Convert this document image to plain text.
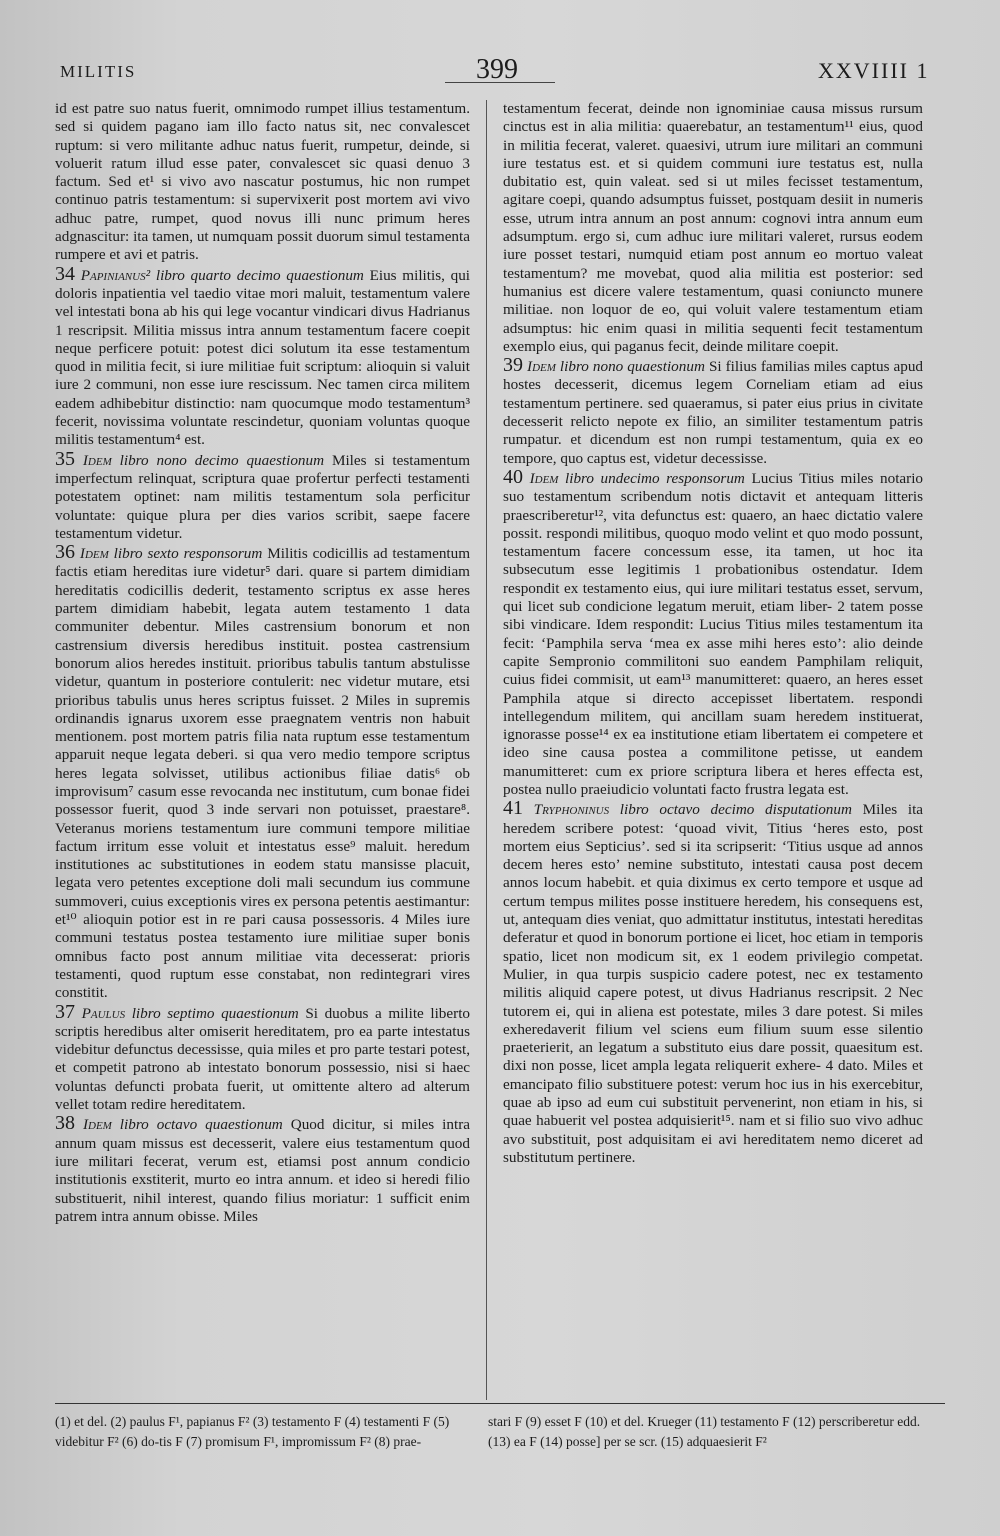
MILITIS	399	XXVIIII 1

id est patre suo natus fuerit, omnimodo rumpet illius testamentum. sed si quidem pagano iam illo facto natus sit, nec convalescet ruptum: si vero militante adhuc natus fuerit, rumpetur, deinde, si voluerit ratum illud esse pater, convalescet sic quasi denuo 3 factum. Sed et¹ si vivo avo nascatur postumus, hic non rumpet continuo patris testamentum: si supervixerit post mortem avi vivo adhuc patre, rumpet, quod novus illi nunc primum heres adgnascitur: ita tamen, ut numquam possit duorum simul testamenta rumpere et avi et patris.

34 Papinianus² libro quarto decimo quaestionum Eius militis, qui doloris inpatientia vel taedio vitae mori maluit, testamentum valere vel intestati bona ab his qui lege vocantur vindicari divus Hadrianus 1 rescripsit. Militia missus intra annum testamentum facere coepit neque perficere potuit: potest dici solutum ita esse testamentum quod in militia fecit, si iure militiae fuit scriptum: alioquin si valuit iure 2 communi, non esse iure rescissum. Nec tamen circa militem eadem adhibebitur distinctio: nam quocumque modo testamentum³ fecerit, novissima voluntate rescindetur, quoniam voluntas quoque militis testamentum⁴ est.

35 Idem libro nono decimo quaestionum Miles si testamentum imperfectum relinquat, scriptura quae profertur perfecti testamenti potestatem optinet: nam militis testamentum sola perficitur voluntate: quique plura per dies varios scribit, saepe facere testamentum videtur.

36 Idem libro sexto responsorum Militis codicillis ad testamentum factis etiam hereditas iure videtur⁵ dari. quare si partem dimidiam hereditatis codicillis dederit, testamento scriptus ex asse heres partem dimidiam habebit, legata autem testamento 1 data communiter debentur. Miles castrensium bonorum et non castrensium diversis heredibus instituit. postea castrensium bonorum alios heredes instituit. prioribus tabulis tantum abstulisse videtur, quantum in posteriore contulerit: nec videtur mutare, etsi prioribus tabulis unus heres scriptus fuisset. 2 Miles in supremis ordinandis ignarus uxorem esse praegnatem ventris non habuit mentionem. post mortem patris filia nata ruptum esse testamentum apparuit neque legata deberi. si qua vero medio tempore scriptus heres legata solvisset, utilibus actionibus filiae datis⁶ ob improvisum⁷ casum esse revocanda nec institutum, cum bonae fidei possessor fuerit, quod 3 inde servari non potuisset, praestare⁸. Veteranus moriens testamentum iure communi tempore militiae factum irritum esse voluit et intestatus esse⁹ maluit. heredum institutiones ac substitutiones in eodem statu mansisse placuit, legata vero petentes exceptione doli mali secundum ius commune summoveri, cuius exceptionis vires ex persona petentis aestimantur: et¹⁰ alioquin potior est in re pari causa possessoris. 4 Miles iure communi testatus postea testamento iure militiae super bonis omnibus facto post annum militiae vita decesserat: prioris testamenti, quod ruptum esse constabat, non redintegrari vires constitit.

37 Paulus libro septimo quaestionum Si duobus a milite liberto scriptis heredibus alter omiserit hereditatem, pro ea parte intestatus videbitur defunctus decessisse, quia miles et pro parte testari potest, et competit patrono ab intestato bonorum possessio, nisi si haec voluntas defuncti probata fuerit, ut omittente altero ad alterum vellet totam redire hereditatem.

38 Idem libro octavo quaestionum Quod dicitur, si miles intra annum quam missus est decesserit, valere eius testamentum quod iure militari fecerat, verum est, etiamsi post annum condicio institutionis exstiterit, murto eo intra annum. et ideo si heredi filio substituerit, nihil interest, quando filius moriatur: 1 sufficit enim patrem intra annum obisse. Miles

testamentum fecerat, deinde non ignominiae causa missus rursum cinctus est in alia militia: quaerebatur, an testamentum¹¹ eius, quod in militia fecerat, valeret. quaesivi, utrum iure militari an communi iure testatus est. et si quidem communi iure testatus est, nulla dubitatio est, quin valeat. sed si ut miles fecisset testamentum, agitare coepi, quando adsumptus fuisset, postquam desiit in numeris esse, utrum intra annum an post annum: cognovi intra annum eum adsumptum. ergo si, cum adhuc iure militari valeret, rursus eodem iure posset testari, numquid etiam post annum eo mortuo valeat testamentum? me movebat, quod alia militia est posterior: sed humanius est dicere valere testamentum, quasi coniuncto munere militiae. non loquor de eo, qui voluit valere testamentum etiam adsumptus: hic enim quasi in militia sequenti fecit testamentum exemplo eius, qui paganus fecit, deinde militare coepit.

39 Idem libro nono quaestionum Si filius familias miles captus apud hostes decesserit, dicemus legem Corneliam etiam ad eius testamentum pertinere. sed quaeramus, si pater eius prius in civitate decesserit relicto nepote ex filio, an similiter testamentum patris rumpatur. et dicendum est non rumpi testamentum, quia ex eo tempore, quo captus est, videtur decessisse.

40 Idem libro undecimo responsorum Lucius Titius miles notario suo testamentum scribendum notis dictavit et antequam litteris praescriberetur¹², vita defunctus est: quaero, an haec dictatio valere possit. respondi militibus, quoquo modo velint et quo modo possunt, testamentum facere concessum esse, ita tamen, ut hoc ita subsecutum esse legitimis 1 probationibus ostendatur. Idem respondit ex testamento eius, qui iure militari testatus esset, servum, qui licet sub condicione legatum meruit, etiam liber- 2 tatem posse sibi vindicare. Idem respondit: Lucius Titius miles testamentum ita fecit: ‘Pamphila serva ‘mea ex asse mihi heres esto’: alio deinde capite Sempronio commilitoni suo eandem Pamphilam reliquit, cuius fidei commisit, ut eam¹³ manumitteret: quaero, an heres esset Pamphila atque si directo accepisset libertatem. respondi intellegendum militem, qui ancillam suam heredem instituerat, ignorasse posse¹⁴ ex ea institutione etiam libertatem ei competere et ideo sine causa postea a commilitone petisse, ut eandem manumitteret: cum ex priore scriptura libera et heres effecta est, postea nullo praeiudicio voluntati facto frustra legata est.

41 Tryphoninus libro octavo decimo disputationum Miles ita heredem scribere potest: ‘quoad vivit, Titius ‘heres esto, post mortem eius Septicius’. sed si ita scripserit: ‘Titius usque ad annos decem heres esto’ nemine substituto, intestati causa post decem annos locum habebit. et quia diximus ex certo tempore et usque ad certum tempus milites posse instituere heredem, his consequens est, ut, antequam dies veniat, quo admittatur institutus, intestati hereditas deferatur et quod in bonorum portione ei licet, hoc etiam in temporis spatio, licet non modicum sit, ex 1 eodem privilegio competat. Mulier, in qua turpis suspicio cadere potest, nec ex testamento militis aliquid capere potest, ut divus Hadrianus rescripsit. 2 Nec tutorem ei, qui in aliena est potestate, miles 3 dare potest. Si miles exheredaverit filium vel sciens eum filium suum esse silentio praeterierit, an legatum a substituto eius dare possit, quaesitum est. dixi non posse, licet ampla legata reliquerit exhere- 4 dato. Miles et emancipato filio substituere potest: verum hoc ius in his exercebitur, quae ab ipso ad eum cui substituit pervenerint, non etiam in his, si quae habuerit vel postea adquisierit¹⁵. nam et si filio suo vivo adhuc avo substituit, post adquisitam ei avi hereditatem nemo diceret ad substitutum pertinere.

(1) et del. (2) paulus F¹, papianus F² (3) testamento F (4) testamenti F (5) videbitur F² (6) do-tis F (7) promisum F¹, impromissum F² (8) prae-

stari F (9) esset F (10) et del. Krueger (11) testamento F (12) perscriberetur edd. (13) ea F (14) posse] per se scr. (15) adquaesierit F²
